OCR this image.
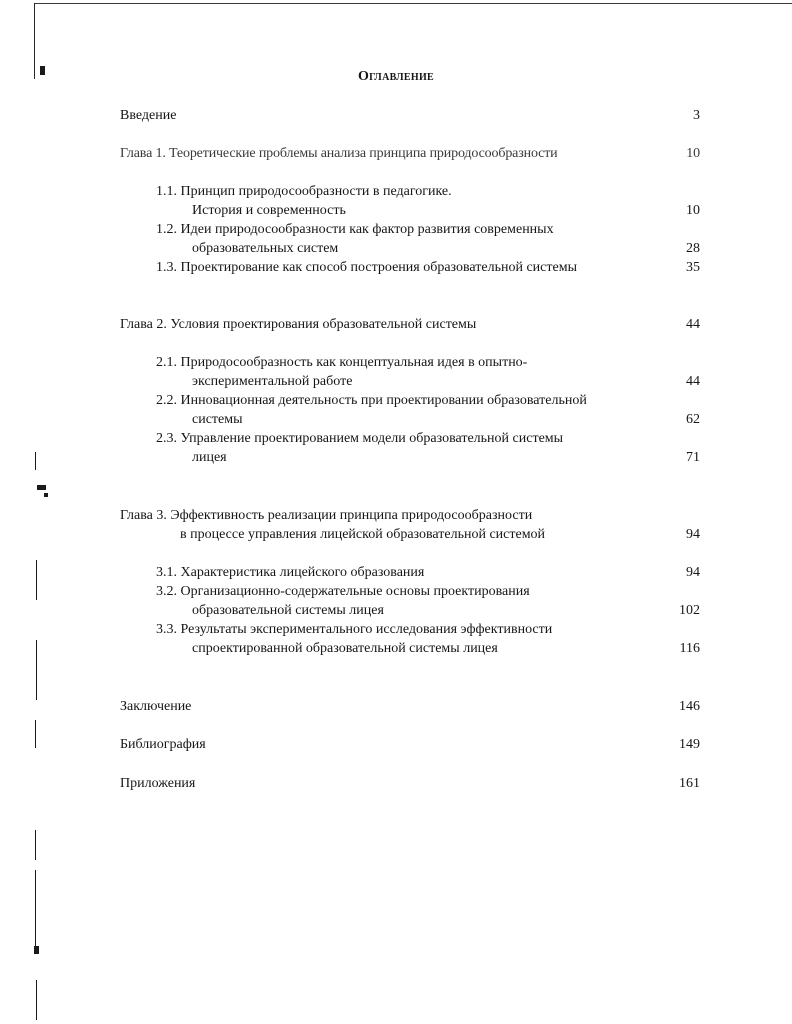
Оглавление
Введение	3
Глава 1. Теоретические проблемы анализа принципа природосообразности	10
1.1. Принцип природосообразности в педагогике.
История и современность	10
1.2. Идеи природосообразности как фактор развития современных
образовательных систем	28
1.3. Проектирование как способ построения образовательной системы	35
Глава 2. Условия проектирования образовательной системы	44
2.1. Природосообразность как концептуальная идея в опытно-
экспериментальной работе	44
2.2. Инновационная деятельность при проектировании образовательной
системы	62
2.3. Управление проектированием модели образовательной системы
лицея	71
Глава 3. Эффективность реализации принципа природосообразности
в процессе управления лицейской образовательной системой	94
3.1. Характеристика лицейского образования	94
3.2. Организационно-содержательные основы проектирования
образовательной системы лицея	102
3.3. Результаты экспериментального исследования эффективности
спроектированной образовательной системы лицея	116
Заключение	146
Библиография	149
Приложения	161
